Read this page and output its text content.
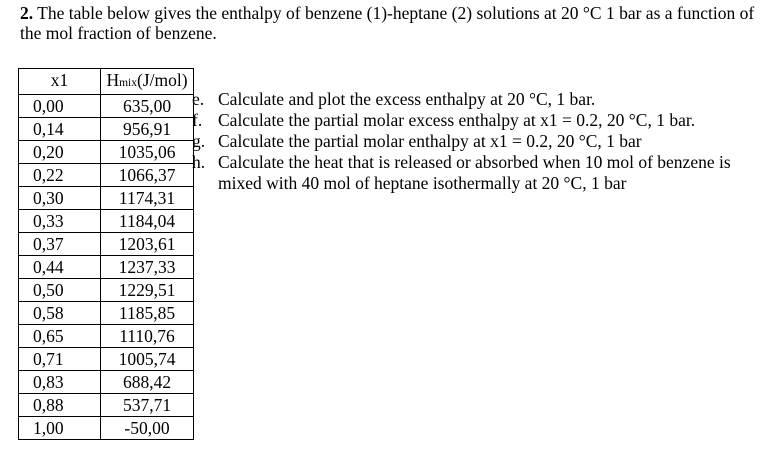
2. The table below gives the enthalpy of benzene (1)-heptane (2) solutions at 20 °C 1 bar as a function of the mol fraction of benzene.
x1	Hmix(J/mol)
0,00	635,00
0,14	956,91
0,20	1035,06
0,22	1066,37
0,30	1174,31
0,33	1184,04
0,37	1203,61
0,44	1237,33
0,50	1229,51
0,58	1185,85
0,65	1110,76
0,71	1005,74
0,83	688,42
0,88	537,71
1,00	-50,00
e. Calculate and plot the excess enthalpy at 20 °C, 1 bar.
f. Calculate the partial molar excess enthalpy at x1 = 0.2, 20 °C, 1 bar.
g. Calculate the partial molar enthalpy at x1 = 0.2, 20 °C, 1 bar
h. Calculate the heat that is released or absorbed when 10 mol of benzene is mixed with 40 mol of heptane isothermally at 20 °C, 1 bar
